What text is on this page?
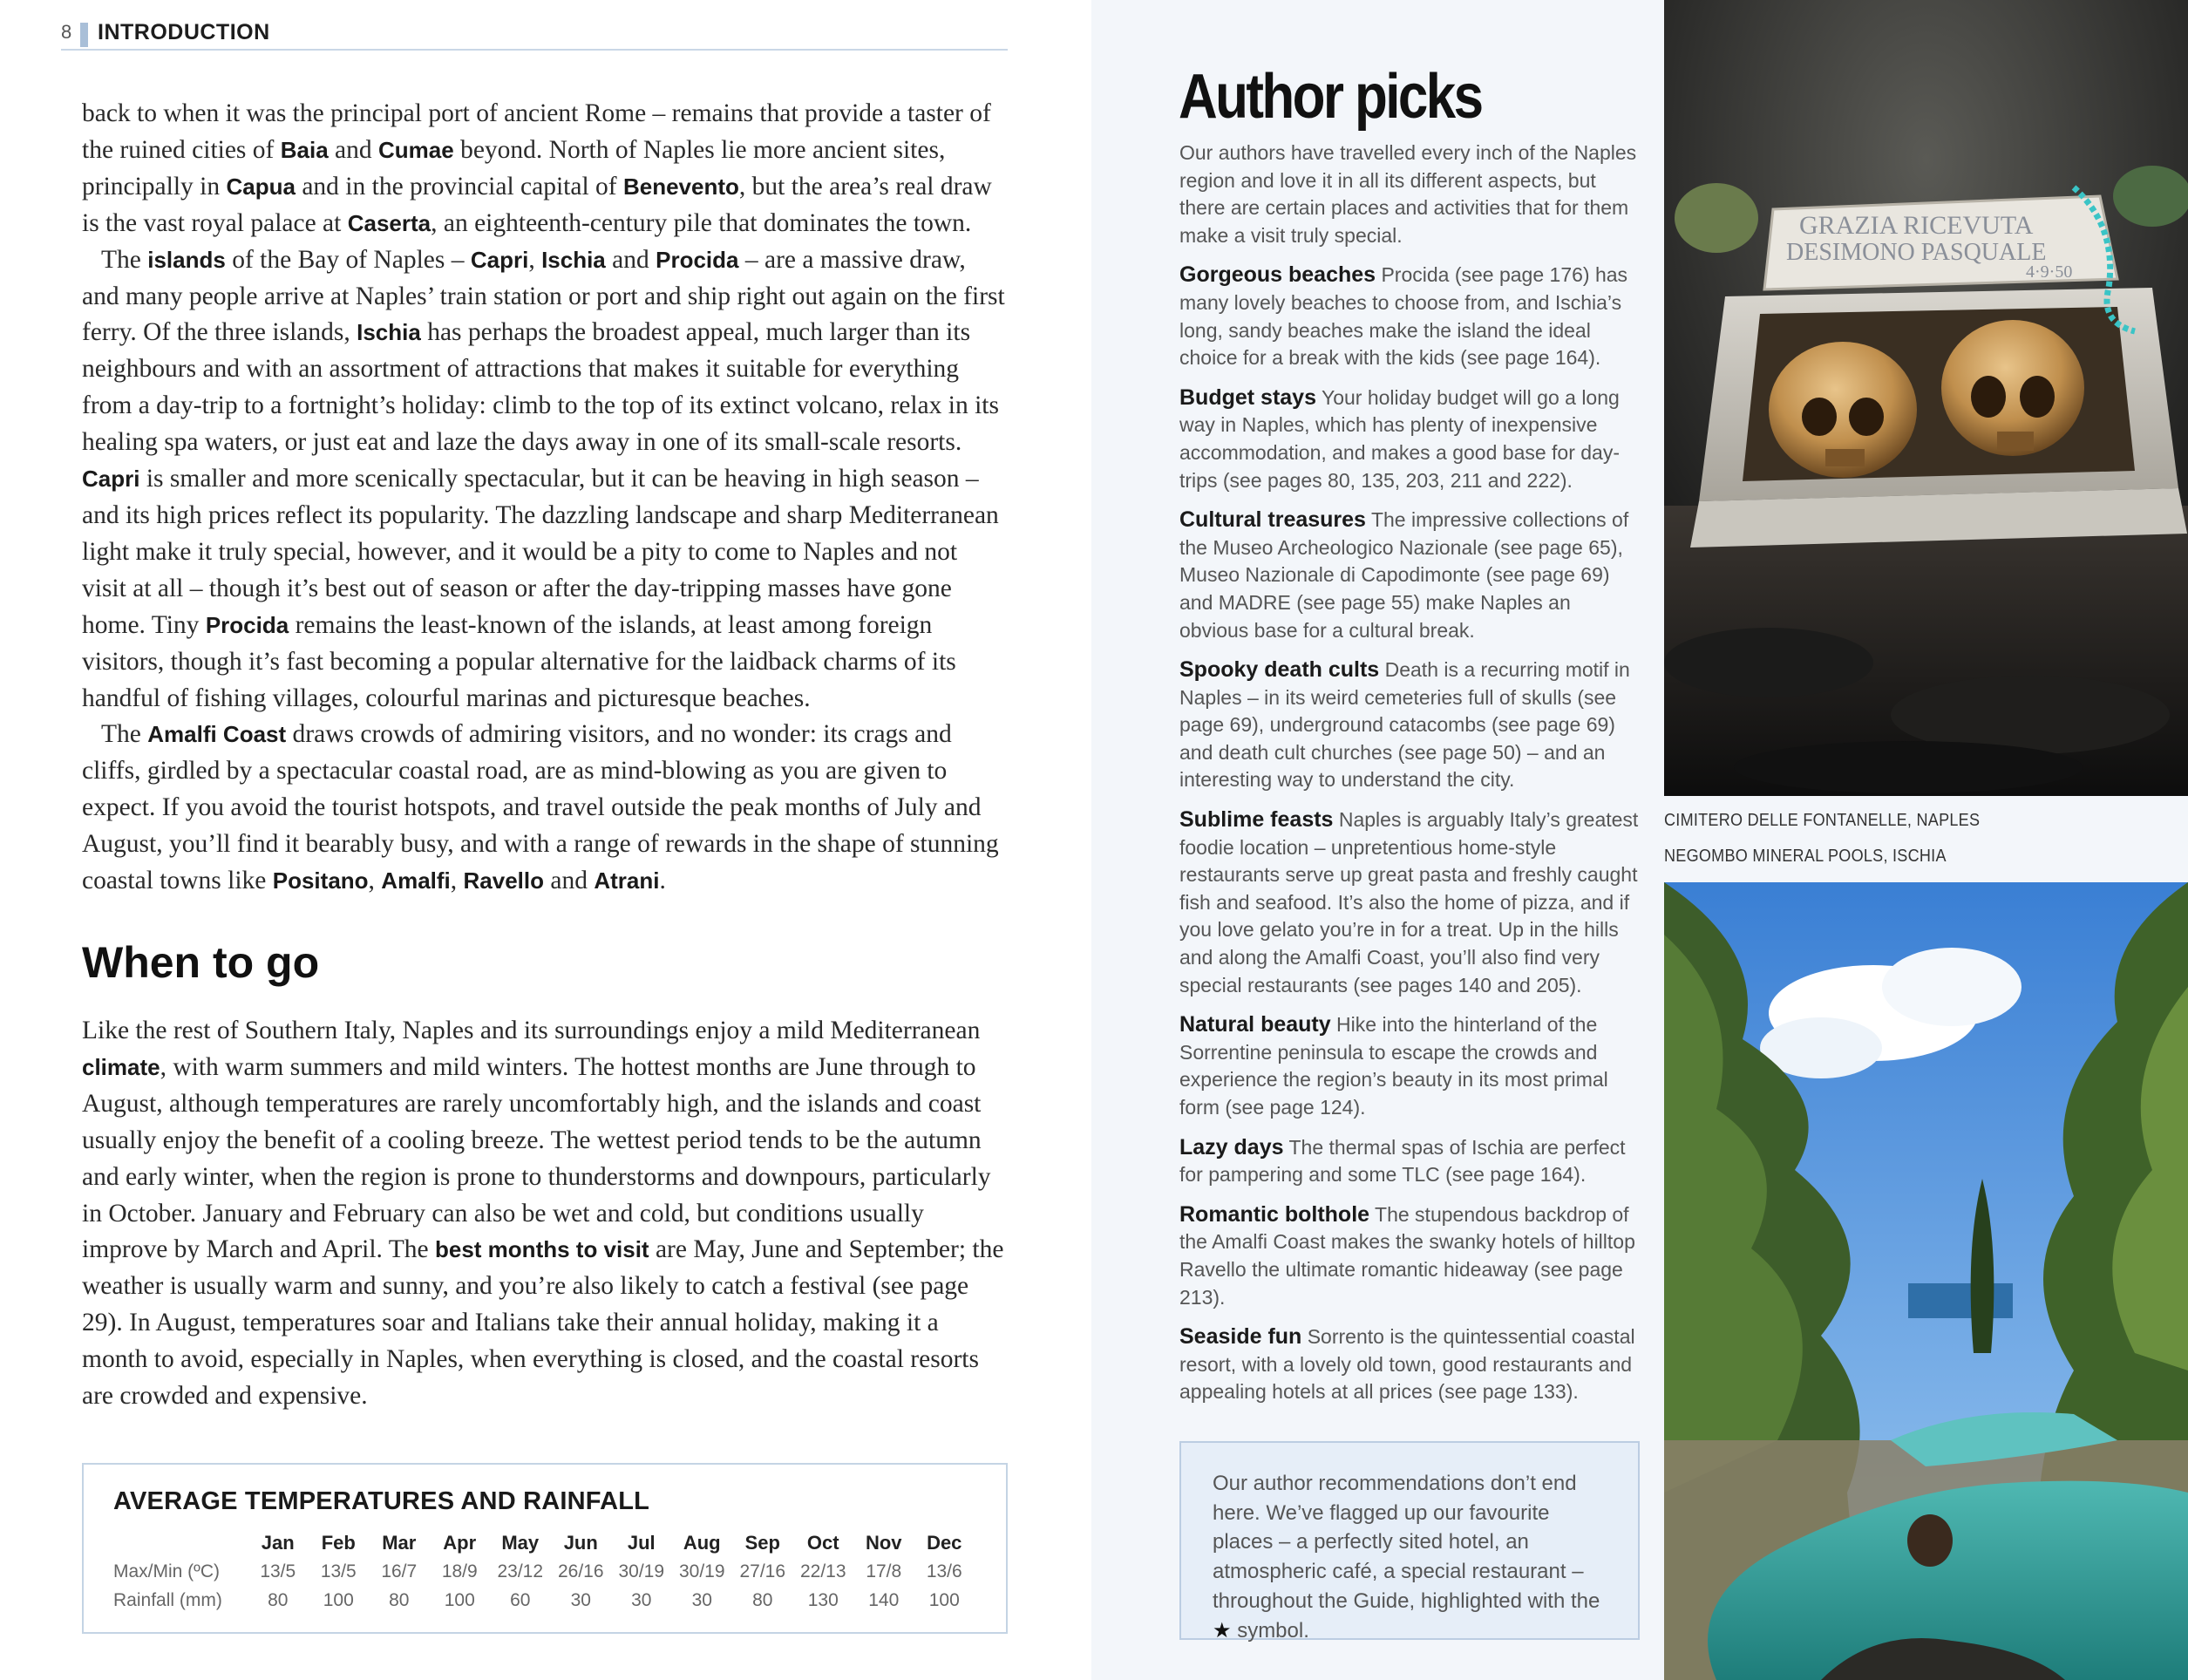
8 INTRODUCTION

back to when it was the principal port of ancient Rome – remains that provide a taster of the ruined cities of Baia and Cumae beyond. North of Naples lie more ancient sites, principally in Capua and in the provincial capital of Benevento, but the area’s real draw is the vast royal palace at Caserta, an eighteenth-century pile that dominates the town.

The islands of the Bay of Naples – Capri, Ischia and Procida – are a massive draw, and many people arrive at Naples’ train station or port and ship right out again on the first ferry. Of the three islands, Ischia has perhaps the broadest appeal, much larger than its neighbours and with an assortment of attractions that makes it suitable for everything from a day-trip to a fortnight’s holiday: climb to the top of its extinct volcano, relax in its healing spa waters, or just eat and laze the days away in one of its small-scale resorts. Capri is smaller and more scenically spectacular, but it can be heaving in high season – and its high prices reflect its popularity. The dazzling landscape and sharp Mediterranean light make it truly special, however, and it would be a pity to come to Naples and not visit at all – though it’s best out of season or after the day-tripping masses have gone home. Tiny Procida remains the least-known of the islands, at least among foreign visitors, though it’s fast becoming a popular alternative for the laidback charms of its handful of fishing villages, colourful marinas and picturesque beaches.

The Amalfi Coast draws crowds of admiring visitors, and no wonder: its crags and cliffs, girdled by a spectacular coastal road, are as mind-blowing as you are given to expect. If you avoid the tourist hotspots, and travel outside the peak months of July and August, you’ll find it bearably busy, and with a range of rewards in the shape of stunning coastal towns like Positano, Amalfi, Ravello and Atrani.

When to go

Like the rest of Southern Italy, Naples and its surroundings enjoy a mild Mediterranean climate, with warm summers and mild winters. The hottest months are June through to August, although temperatures are rarely uncomfortably high, and the islands and coast usually enjoy the benefit of a cooling breeze. The wettest period tends to be the autumn and early winter, when the region is prone to thunderstorms and downpours, particularly in October. January and February can also be wet and cold, but conditions usually improve by March and April. The best months to visit are May, June and September; the weather is usually warm and sunny, and you’re also likely to catch a festival (see page 29). In August, temperatures soar and Italians take their annual holiday, making it a month to avoid, especially in Naples, when everything is closed, and the coastal resorts are crowded and expensive.

AVERAGE TEMPERATURES AND RAINFALL
	Jan	Feb	Mar	Apr	May	Jun	Jul	Aug	Sep	Oct	Nov	Dec
Max/Min (ºC)	13/5	13/5	16/7	18/9	23/12	26/16	30/19	30/19	27/16	22/13	17/8	13/6
Rainfall (mm)	80	100	80	100	60	30	30	30	80	130	140	100
Author picks

Our authors have travelled every inch of the Naples region and love it in all its different aspects, but there are certain places and activities that for them make a visit truly special.

Gorgeous beaches Procida (see page 176) has many lovely beaches to choose from, and Ischia’s long, sandy beaches make the island the ideal choice for a break with the kids (see page 164).

Budget stays Your holiday budget will go a long way in Naples, which has plenty of inexpensive accommodation, and makes a good base for day-trips (see pages 80, 135, 203, 211 and 222).

Cultural treasures The impressive collections of the Museo Archeologico Nazionale (see page 65), Museo Nazionale di Capodimonte (see page 69) and MADRE (see page 55) make Naples an obvious base for a cultural break.

Spooky death cults Death is a recurring motif in Naples – in its weird cemeteries full of skulls (see page 69), underground catacombs (see page 69) and death cult churches (see page 50) – and an interesting way to understand the city.

Sublime feasts Naples is arguably Italy’s greatest foodie location – unpretentious home-style restaurants serve up great pasta and freshly caught fish and seafood. It’s also the home of pizza, and if you love gelato you’re in for a treat. Up in the hills and along the Amalfi Coast, you’ll also find very special restaurants (see pages 140 and 205).

Natural beauty Hike into the hinterland of the Sorrentine peninsula to escape the crowds and experience the region’s beauty in its most primal form (see page 124).

Lazy days The thermal spas of Ischia are perfect for pampering and some TLC (see page 164).

Romantic bolthole The stupendous backdrop of the Amalfi Coast makes the swanky hotels of hilltop Ravello the ultimate romantic hideaway (see page 213).

Seaside fun Sorrento is the quintessential coastal resort, with a lovely old town, good restaurants and appealing hotels at all prices (see page 133).

Our author recommendations don’t end here. We’ve flagged up our favourite places – a perfectly sited hotel, an atmospheric café, a special restaurant – throughout the Guide, highlighted with the ★ symbol.
GRAZIA RICEVUTA
DESIMONO PASQUALE
4·9·50
CIMITERO DELLE FONTANELLE, NAPLES
NEGOMBO MINERAL POOLS, ISCHIA
